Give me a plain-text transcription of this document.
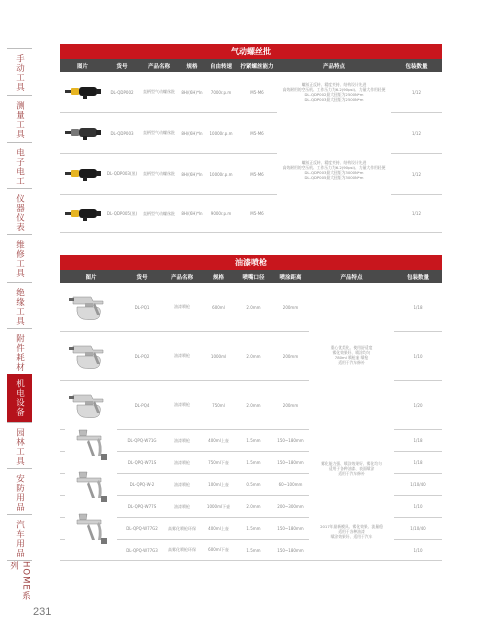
手动工具
测量工具
电子电工
仪器仪表
维修工具
绝缘工具
附件耗材
机电设备
园林工具
安防用品
汽车用品
HOME系列
231
气动螺丝批
图片	货号	产品名称	规格	自由转速	拧紧螺丝能力	产品特点	包装数量
DL-QDP002	直柄型气动螺丝批	8H/(6H)*ln	7000r.p.m	M5-M6	1/12
DL-QDP003	直柄型气动螺丝批	8H/(6H)*ln	10000r.p.m	M5-M6	1/12
DL-QDP003(黑)	直柄型气动螺丝批	8H/(6H)*ln	10000r.p.m	M5-M6	1/12
DL-QDP005(黑)	直柄型气动螺丝批	8H/(6H)*ln	9000r.p.m	M5-M6	1/12
螺丝正反转、精度夹持、结构设计先进
高效耐用的空压机、工作压力为6.2(90psi)、力量大作用轻便
DL-QDP002最大扭矩为2500N*m
DL-QDP003最大扭矩为2500N*m
螺丝正反转、精度夹持、结构设计先进
高效耐用的空压机、工作压力为6.2(90psi)、力量大作用轻便
DL-QDP003最大扭矩为3000N*m
DL-QDP005最大扭矩为3000N*m
油漆喷枪
图片	货号	产品名称	规格	喷嘴口径	喷涂距离	产品特点	包装数量
DL-PQ1	油漆喷枪	600ml	2.0mm	200mm	1/18
DL-PQ2	油漆喷枪	1000ml	2.0mm	200mm	1/10
DL-PQ4	油漆喷枪	750ml	2.0mm	200mm	1/20
DL-QPQ-W71G	油漆喷枪	400ml上壶	1.5mm	150~180mm	1/18
DL-QPQ-W71S	油漆喷枪	750ml下壶	1.5mm	150~180mm	1/18
DL-QPQ-W-2	油漆喷枪	100ml上壶	0.5mm	60~100mm	1/10/40
DL-QPQ-W77S	油漆喷枪	1000ml下壶	2.0mm	200~300mm	1/10
DL-QPQ-W77G2	高雾化喷枪环保	400ml上壶	1.5mm	150~180mm	1/10/40
DL-QPQ-W77G3	高雾化喷枪环保	600ml下壶	1.5mm	150~180mm	1/10
重心优美化、使用舒适度
雾化效果好、喷涂均匀
780ml 喷枪壶 喷枪
适用于汽车修补
雾化能力强、喷涂效果好、雾化均匀
适用于各种油漆、表面喷涂
适用于汽车修补
2017年最新模具、雾化效果、流量稳
适用于各种油漆
喷涂效果好、适用于汽车
